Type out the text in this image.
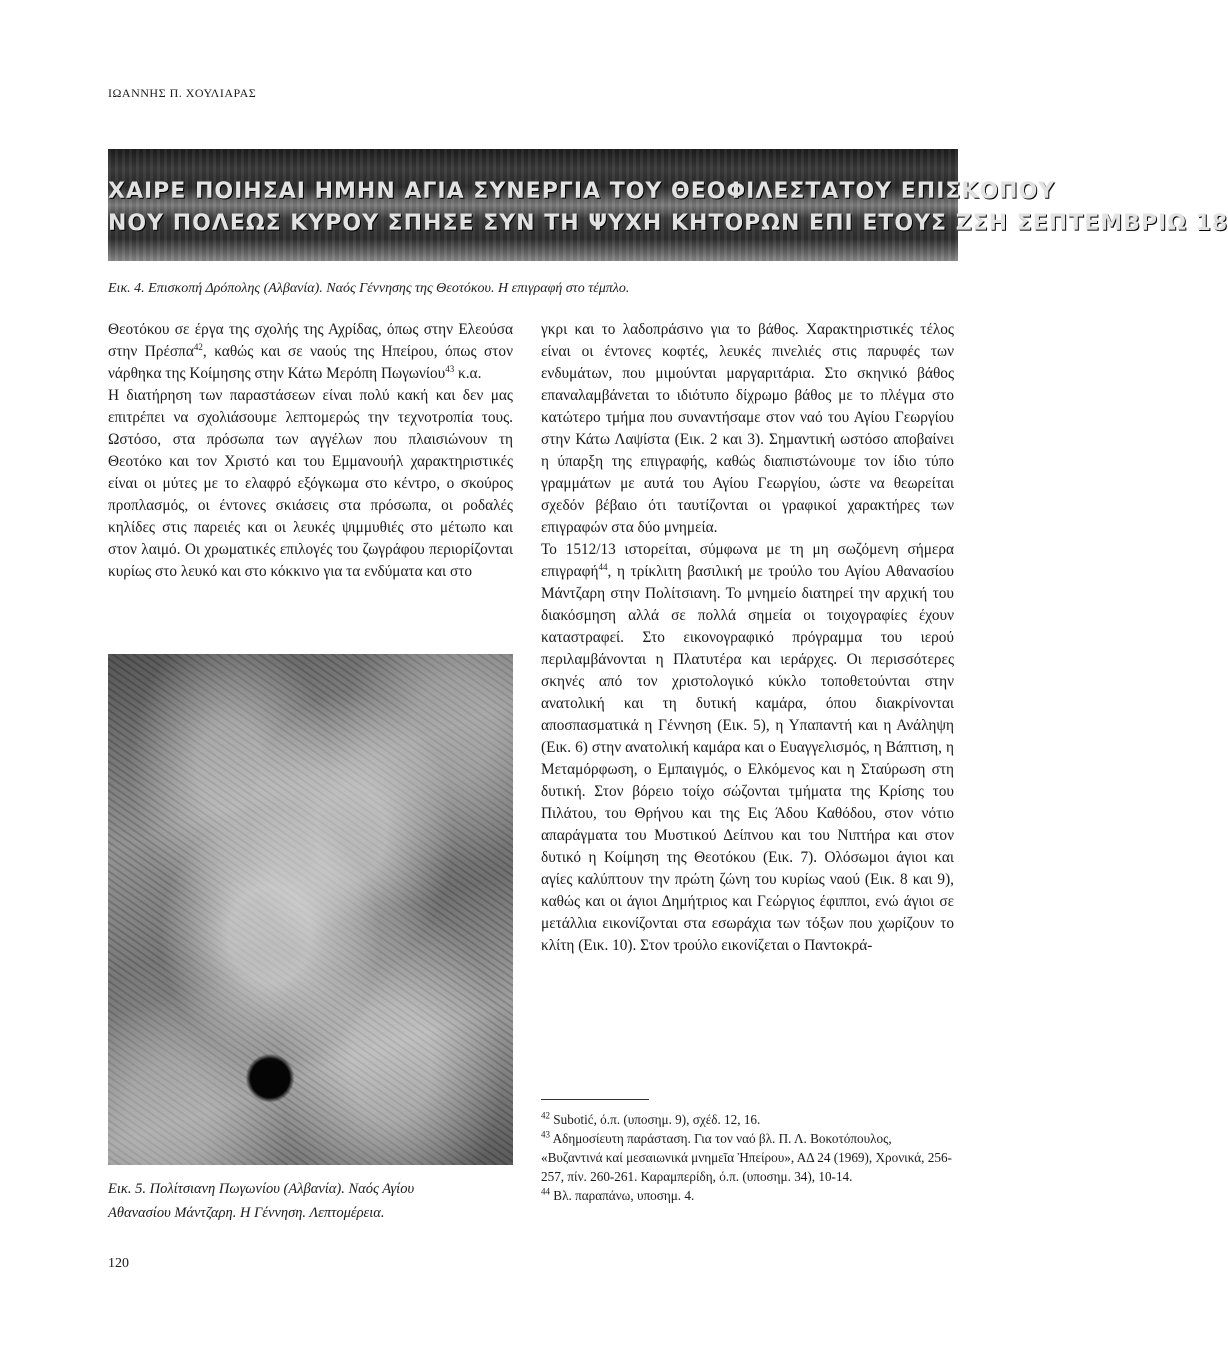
ΙΩΑΝΝΗΣ Π. ΧΟΥΛΙΑΡΑΣ
ΧΑΙΡΕ ΠΟΙΗΣΑΙ ΗΜΗΝ ΑΓΙΑ ΣΥΝΕΡΓΙΑ ΤΟΥ ΘΕΟΦΙΛΕΣΤΑΤΟΥ ΕΠΙΣΚΟΠΟΥ
ΝΟΥ ΠΟΛΕΩΣ ΚΥΡΟΥ ΣΠΗΣΕ ΣΥΝ ΤΗ ΨΥΧΗ ΚΗΤΟΡΩΝ ΕΠΙ ΕΤΟΥΣ ΖΣΗ ΣΕΠΤΕΜΒΡΙΩ 18
Εικ. 4. Επισκοπή Δρόπολης (Αλβανία). Ναός Γέννησης της Θεοτόκου. Η επιγραφή στο τέμπλο.

Θεοτόκου σε έργα της σχολής της Αχρίδας, όπως στην Ελεούσα στην Πρέσπα$^{42}$, καθώς και σε ναούς της Ηπείρου, όπως στον νάρθηκα της Κοίμησης στην Κάτω Μερόπη Πωγωνίου$^{43}$ κ.α.

Η διατήρηση των παραστάσεων είναι πολύ κακή και δεν μας επιτρέπει να σχολιάσουμε λεπτομερώς την τεχνοτροπία τους. Ωστόσο, στα πρόσωπα των αγγέλων που πλαισιώνουν τη Θεοτόκο και τον Χριστό και του Εμμανουήλ χαρακτηριστικές είναι οι μύτες με το ελαφρό εξόγκωμα στο κέντρο, ο σκούρος προπλασμός, οι έντονες σκιάσεις στα πρόσωπα, οι ροδαλές κηλίδες στις παρειές και οι λευκές ψιμμυθιές στο μέτωπο και στον λαιμό. Οι χρωματικές επιλογές του ζωγράφου περιορίζονται κυρίως στο λευκό και στο κόκκινο για τα ενδύματα και στο

Εικ. 5. Πολίτσιανη Πωγωνίου (Αλβανία). Ναός Αγίου Αθανασίου Μάντζαρη. Η Γέννηση. Λεπτομέρεια.

γκρι και το λαδοπράσινο για το βάθος. Χαρακτηριστικές τέλος είναι οι έντονες κοφτές, λευκές πινελιές στις παρυφές των ενδυμάτων, που μιμούνται μαργαριτάρια. Στο σκηνικό βάθος επαναλαμβάνεται το ιδιότυπο δίχρωμο βάθος με το πλέγμα στο κατώτερο τμήμα που συναντήσαμε στον ναό του Αγίου Γεωργίου στην Κάτω Λαψίστα (Εικ. 2 και 3). Σημαντική ωστόσο αποβαίνει η ύπαρξη της επιγραφής, καθώς διαπιστώνουμε τον ίδιο τύπο γραμμάτων με αυτά του Αγίου Γεωργίου, ώστε να θεωρείται σχεδόν βέβαιο ότι ταυτίζονται οι γραφικοί χαρακτήρες των επιγραφών στα δύο μνημεία.

Το 1512/13 ιστορείται, σύμφωνα με τη μη σωζόμενη σήμερα επιγραφή$^{44}$, η τρίκλιτη βασιλική με τρούλο του Αγίου Αθανασίου Μάντζαρη στην Πολίτσιανη. Το μνημείο διατηρεί την αρχική του διακόσμηση αλλά σε πολλά σημεία οι τοιχογραφίες έχουν καταστραφεί. Στο εικονογραφικό πρόγραμμα του ιερού περιλαμβάνονται η Πλατυτέρα και ιεράρχες. Οι περισσότερες σκηνές από τον χριστολογικό κύκλο τοποθετούνται στην ανατολική και τη δυτική καμάρα, όπου διακρίνονται αποσπασματικά η Γέννηση (Εικ. 5), η Υπαπαντή και η Ανάληψη (Εικ. 6) στην ανατολική καμάρα και ο Ευαγγελισμός, η Βάπτιση, η Μεταμόρφωση, ο Εμπαιγμός, ο Ελκόμενος και η Σταύρωση στη δυτική. Στον βόρειο τοίχο σώζονται τμήματα της Κρίσης του Πιλάτου, του Θρήνου και της Εις Άδου Καθόδου, στον νότιο απαράγματα του Μυστικού Δείπνου και του Νιπτήρα και στον δυτικό η Κοίμηση της Θεοτόκου (Εικ. 7). Ολόσωμοι άγιοι και αγίες καλύπτουν την πρώτη ζώνη του κυρίως ναού (Εικ. 8 και 9), καθώς και οι άγιοι Δημήτριος και Γεώργιος έφιπποι, ενώ άγιοι σε μετάλλια εικονίζονται στα εσωράχια των τόξων που χωρίζουν το κλίτη (Εικ. 10). Στον τρούλο εικονίζεται ο Παντοκρά-

$^{42}$ Subotić, ό.π. (υποσημ. 9), σχέδ. 12, 16.
$^{43}$ Αδημοσίευτη παράσταση. Για τον ναό βλ. Π. Λ. Βοκοτόπουλος, «Βυζαντινά καί μεσαιωνικά μνημεῖα Ἠπείρου», ΑΔ 24 (1969), Χρονικά, 256-257, πίν. 260-261. Καραμπερίδη, ό.π. (υποσημ. 34), 10-14.
$^{44}$ Βλ. παραπάνω, υποσημ. 4.
120
